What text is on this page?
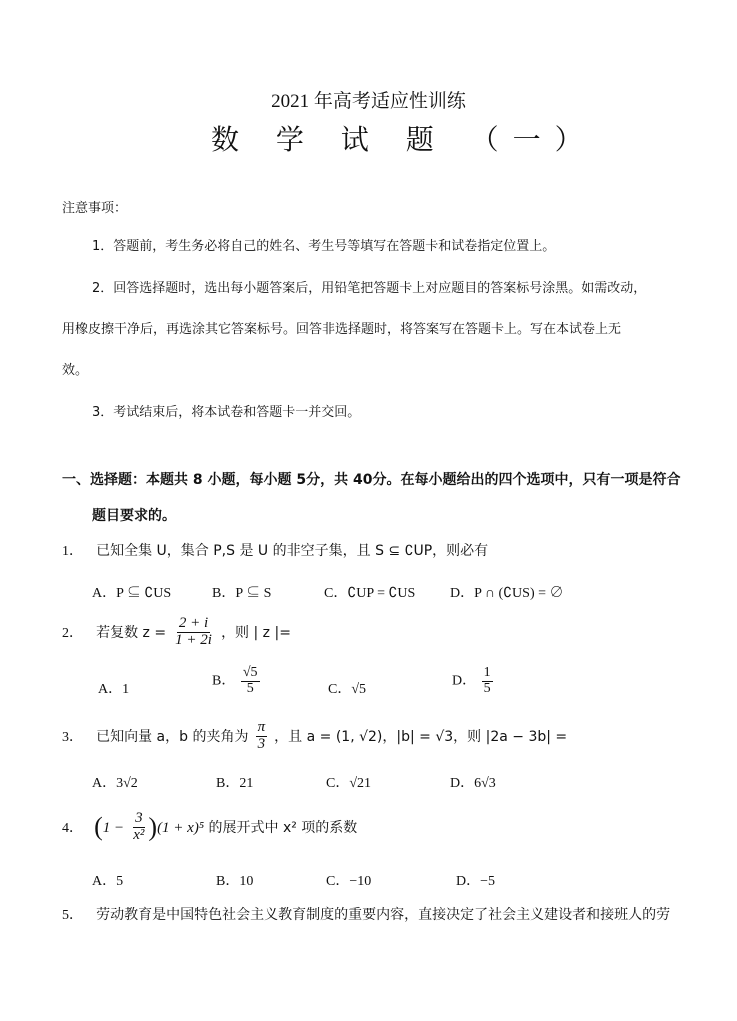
2021 年高考适应性训练
数 学 试 题 （一）
注意事项：
1．答题前，考生务必将自己的姓名、考生号等填写在答题卡和试卷指定位置上。
2．回答选择题时，选出每小题答案后，用铅笔把答题卡上对应题目的答案标号涂黑。如需改动，
用橡皮擦干净后，再选涂其它答案标号。回答非选择题时，将答案写在答题卡上。写在本试卷上无
效。
3．考试结束后，将本试卷和答题卡一并交回。
一、选择题：本题共 8 小题，每小题 5分，共 40分。在每小题给出的四个选项中，只有一项是符合
题目要求的。
1． 已知全集 U，集合 P,S 是 U 的非空子集，且 S ⊆ ∁UP，则必有
A．P ⊆ ∁US	B．P ⊆ S	C．∁UP = ∁US D．P ∩ (∁US) = ∅
2． 若复数 $z = \frac{2 + i}{1 + 2i}$ ，则 | z |=
A．1
B． $\frac{√5}{5}$	C．√5
D． $\frac{1}{5}$
3． 已知向量 a，b 的夹角为 $\frac{\pi}{3}$ ，且 a = (1, √2)，|b| = √3，则 |2a − 3b| =
A．3√2	B．21	C．√21	D．6√3
4． $(1 - \frac{3}{\text{x²}} )(1 + x)^5$ 的展开式中 x² 项的系数
A．5	B．10	C．−10	D．−5
5． 劳动教育是中国特色社会主义教育制度的重要内容，直接决定了社会主义建设者和接班人的劳
